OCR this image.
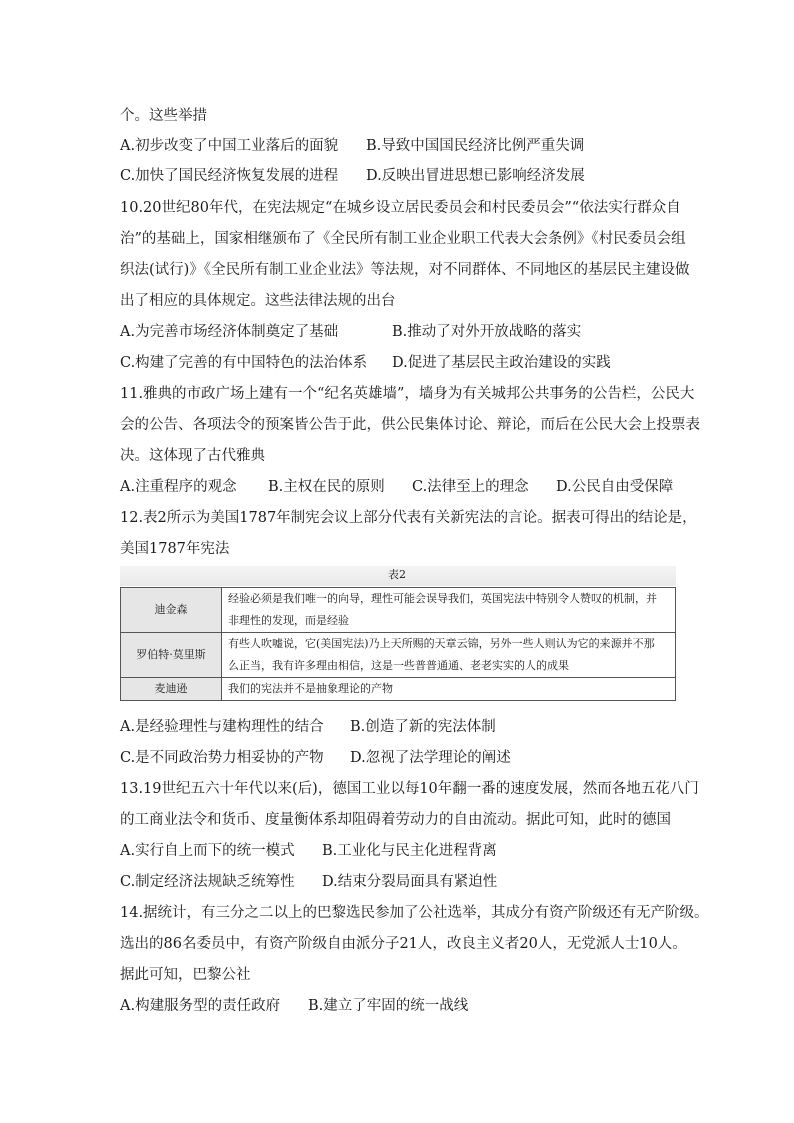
个。这些举措
A.初步改变了中国工业落后的面貌 B.导致中国国民经济比例严重失调
C.加快了国民经济恢复发展的进程 D.反映出冒进思想已影响经济发展
10.20世纪80年代，在宪法规定“在城乡设立居民委员会和村民委员会”“依法实行群众自
治”的基础上，国家相继颁布了《全民所有制工业企业职工代表大会条例》《村民委员会组
织法(试行)》《全民所有制工业企业法》等法规，对不同群体、不同地区的基层民主建设做
出了相应的具体规定。这些法律法规的出台
A.为完善市场经济体制奠定了基础	B.推动了对外开放战略的落实
C.构建了完善的有中国特色的法治体系 D.促进了基层民主政治建设的实践
11.雅典的市政广场上建有一个“纪名英雄墙”，墙身为有关城邦公共事务的公告栏，公民大
会的公告、各项法令的预案皆公告于此，供公民集体讨论、辩论，而后在公民大会上投票表
决。这体现了古代雅典
A.注重程序的观念 B.主权在民的原则 C.法律至上的理念 D.公民自由受保障
12.表2所示为美国1787年制宪会议上部分代表有关新宪法的言论。据表可得出的结论是，
美国1787年宪法
表2
迪金森	经验必须是我们唯一的向导，理性可能会误导我们，英国宪法中特别令人赞叹的机制，并
非理性的发现，而是经验

罗伯特·莫里斯	有些人吹嘘说，它(美国宪法)乃上天所赐的天章云锦，另外一些人则认为它的来源并不那
么正当，我有许多理由相信，这是一些普普通通、老老实实的人的成果

麦迪逊	我们的宪法并不是抽象理论的产物
A.是经验理性与建构理性的结合 B.创造了新的宪法体制
C.是不同政治势力相妥协的产物 D.忽视了法学理论的阐述
13.19世纪五六十年代以来(后)，德国工业以每10年翻一番的速度发展，然而各地五花八门
的工商业法令和货币、度量衡体系却阻碍着劳动力的自由流动。据此可知，此时的德国
A.实行自上而下的统一模式 B.工业化与民主化进程背离
C.制定经济法规缺乏统筹性 D.结束分裂局面具有紧迫性
14.据统计，有三分之二以上的巴黎选民参加了公社选举，其成分有资产阶级还有无产阶级。
选出的86名委员中，有资产阶级自由派分子21人，改良主义者20人，无党派人士10人。
据此可知，巴黎公社
A.构建服务型的责任政府 B.建立了牢固的统一战线
